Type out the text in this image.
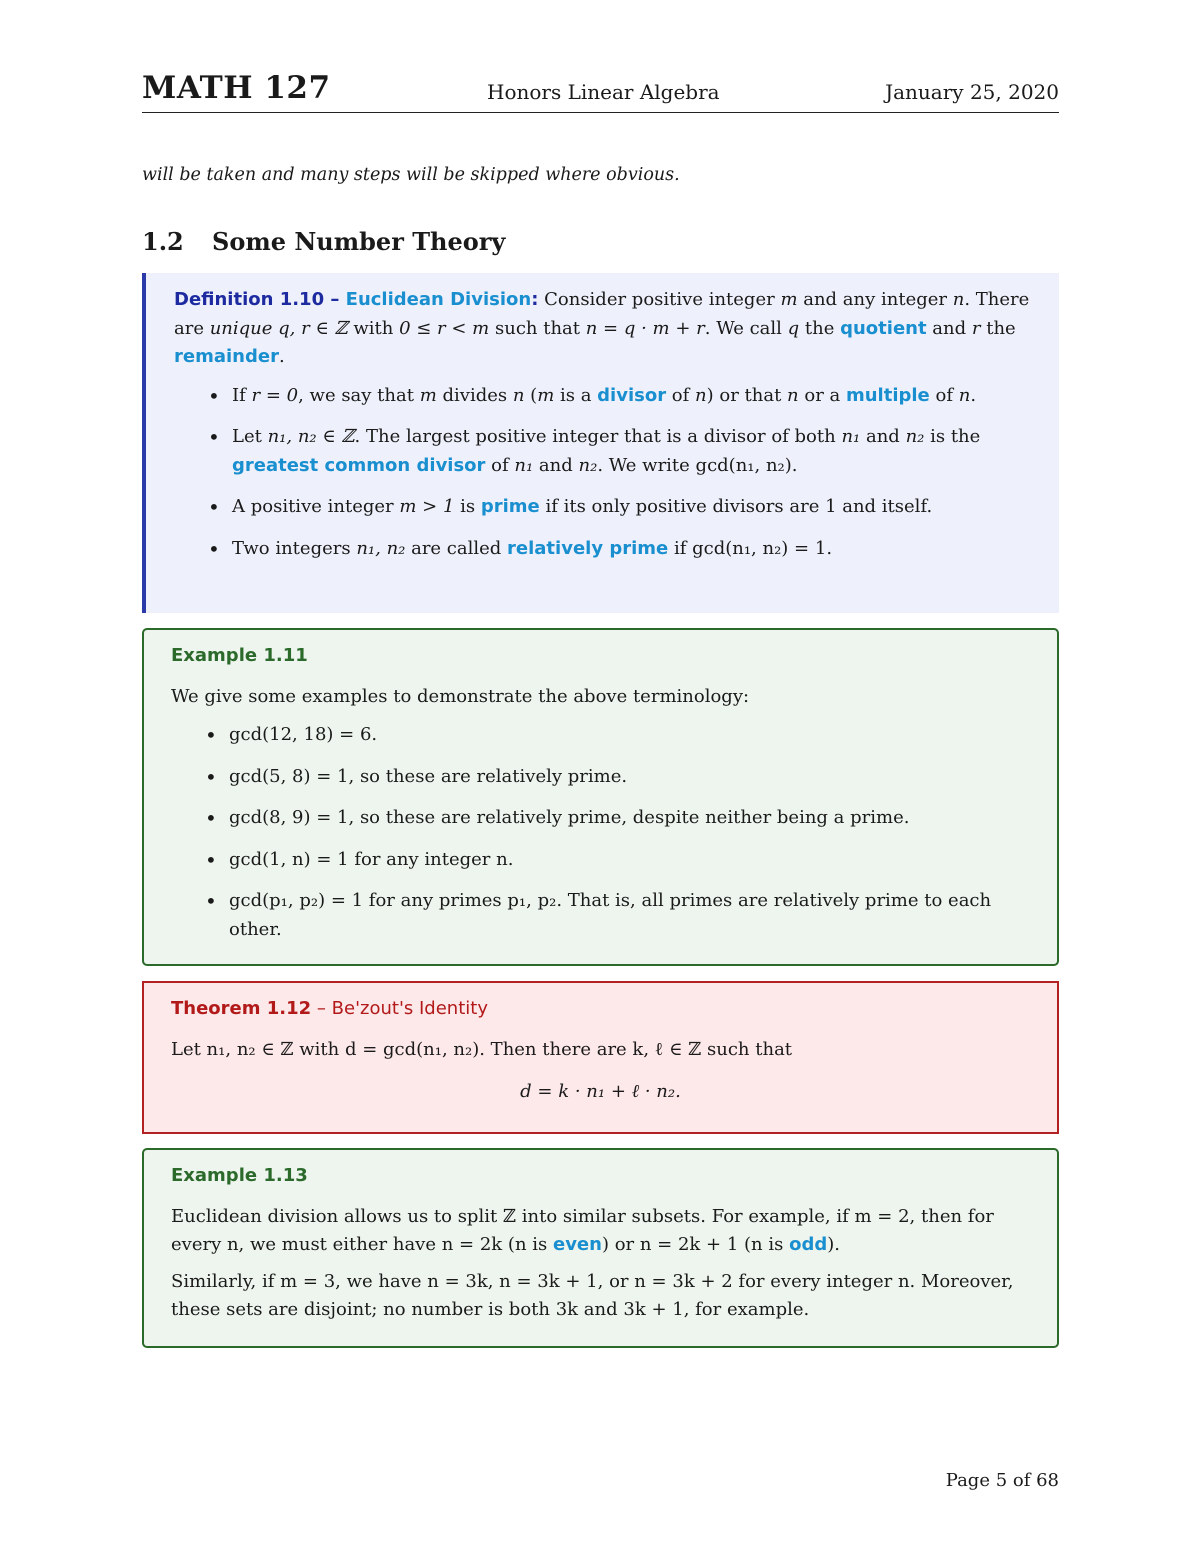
MATH 127	Honors Linear Algebra	January 25, 2020
will be taken and many steps will be skipped where obvious.
1.2 Some Number Theory

Definition 1.10 – Euclidean Division: Consider positive integer m and any integer n. There are unique q, r ∈ ℤ with 0 ≤ r < m such that n = q · m + r. We call q the quotient and r the remainder.

• If r = 0, we say that m divides n (m is a divisor of n) or that n or a multiple of n.
• Let n₁, n₂ ∈ ℤ. The largest positive integer that is a divisor of both n₁ and n₂ is the greatest common divisor of n₁ and n₂. We write gcd(n₁, n₂).
• A positive integer m > 1 is prime if its only positive divisors are 1 and itself.
• Two integers n₁, n₂ are called relatively prime if gcd(n₁, n₂) = 1.

Example 1.11

We give some examples to demonstrate the above terminology:

• gcd(12, 18) = 6.
• gcd(5, 8) = 1, so these are relatively prime.
• gcd(8, 9) = 1, so these are relatively prime, despite neither being a prime.
• gcd(1, n) = 1 for any integer n.
• gcd(p₁, p₂) = 1 for any primes p₁, p₂. That is, all primes are relatively prime to each other.

Theorem 1.12 – Be'zout's Identity

Let n₁, n₂ ∈ ℤ with d = gcd(n₁, n₂). Then there are k, ℓ ∈ ℤ such that

d = k · n₁ + ℓ · n₂.

Example 1.13

Euclidean division allows us to split ℤ into similar subsets. For example, if m = 2, then for every n, we must either have n = 2k (n is even) or n = 2k + 1 (n is odd).

Similarly, if m = 3, we have n = 3k, n = 3k + 1, or n = 3k + 2 for every integer n. Moreover, these sets are disjoint; no number is both 3k and 3k + 1, for example.

Page 5 of 68
